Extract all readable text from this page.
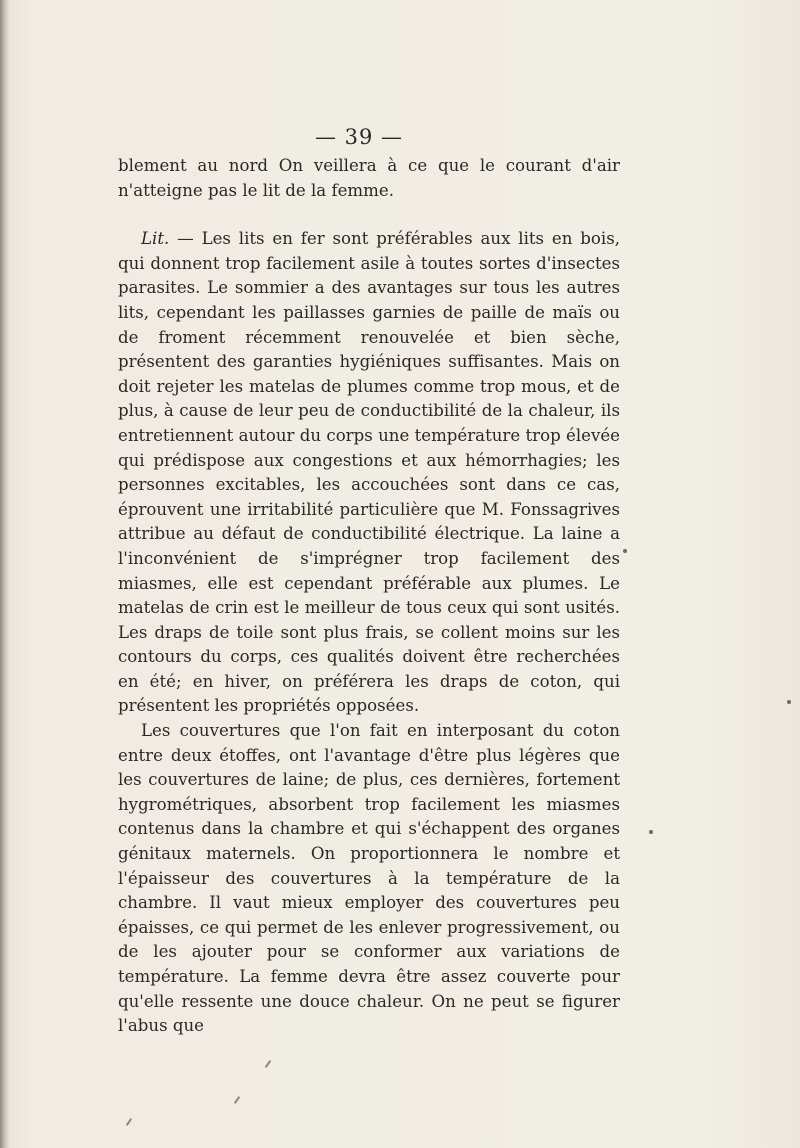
— 39 —

blement au nord On veillera à ce que le courant d'air n'atteigne pas le lit de la femme.

Lit. — Les lits en fer sont préférables aux lits en bois, qui donnent trop facilement asile à toutes sortes d'insectes parasites. Le sommier a des avantages sur tous les autres lits, cependant les paillasses garnies de paille de maïs ou de froment récemment renouvelée et bien sèche, présentent des garanties hygiéniques suffisantes. Mais on doit rejeter les matelas de plumes comme trop mous, et de plus, à cause de leur peu de conductibilité de la chaleur, ils entretiennent autour du corps une température trop élevée qui prédispose aux congestions et aux hémorrhagies; les personnes excitables, les accouchées sont dans ce cas, éprouvent une irritabilité particulière que M. Fonssagrives attribue au défaut de conductibilité électrique. La laine a l'inconvénient de s'imprégner trop facilement des miasmes, elle est cependant préférable aux plumes. Le matelas de crin est le meilleur de tous ceux qui sont usités. Les draps de toile sont plus frais, se collent moins sur les contours du corps, ces qualités doivent être recherchées en été; en hiver, on préférera les draps de coton, qui présentent les propriétés opposées.

Les couvertures que l'on fait en interposant du coton entre deux étoffes, ont l'avantage d'être plus légères que les couvertures de laine; de plus, ces dernières, fortement hygrométriques, absorbent trop facilement les miasmes contenus dans la chambre et qui s'échappent des organes génitaux maternels. On proportionnera le nombre et l'épaisseur des couvertures à la température de la chambre. Il vaut mieux employer des couvertures peu épaisses, ce qui permet de les enlever progressivement, ou de les ajouter pour se conformer aux variations de température. La femme devra être assez couverte pour qu'elle ressente une douce chaleur. On ne peut se figurer l'abus que
